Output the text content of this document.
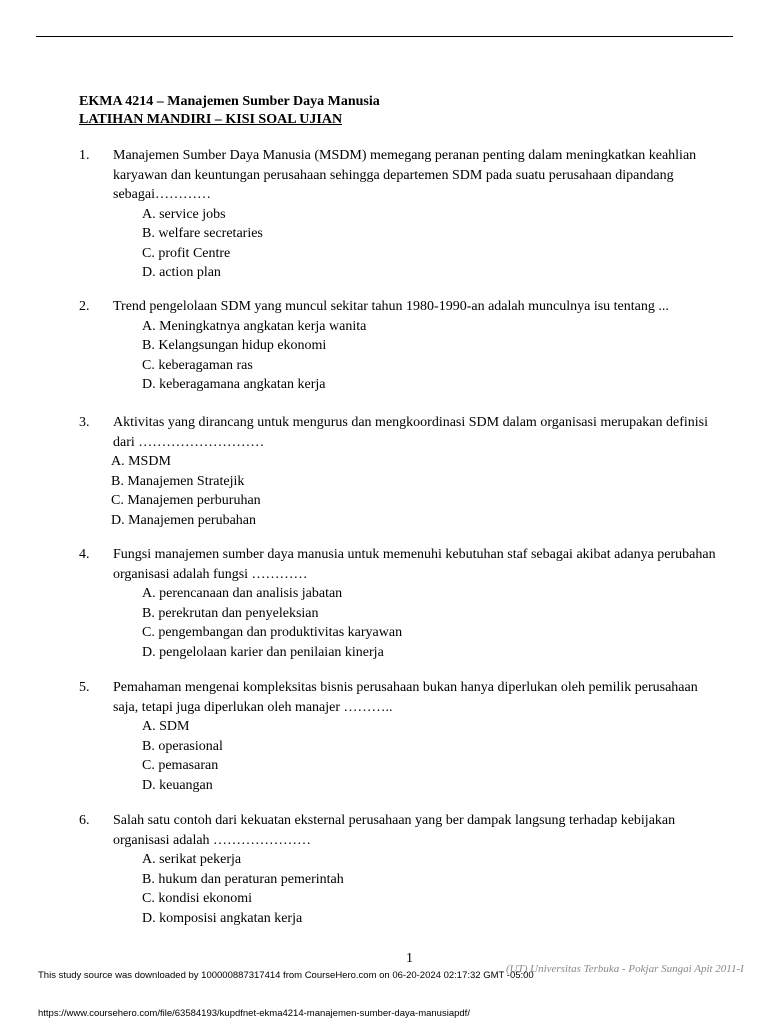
EKMA 4214 – Manajemen Sumber Daya Manusia
LATIHAN MANDIRI – KISI SOAL UJIAN
1. Manajemen Sumber Daya Manusia (MSDM) memegang peranan penting dalam meningkatkan keahlian karyawan dan keuntungan perusahaan sehingga departemen SDM pada suatu perusahaan dipandang sebagai…………
A. service jobs
B. welfare secretaries
C. profit Centre
D. action plan
2. Trend pengelolaan SDM yang muncul sekitar tahun 1980-1990-an adalah munculnya isu tentang ...
A. Meningkatnya angkatan kerja wanita
B. Kelangsungan hidup ekonomi
C. keberagaman ras
D. keberagamana angkatan kerja
3. Aktivitas yang dirancang untuk mengurus dan mengkoordinasi SDM dalam organisasi merupakan definisi dari ………………………
A. MSDM
B. Manajemen Stratejik
C. Manajemen perburuhan
D. Manajemen perubahan
4. Fungsi manajemen sumber daya manusia untuk memenuhi kebutuhan staf sebagai akibat adanya perubahan organisasi adalah fungsi …………
A. perencanaan dan analisis jabatan
B. perekrutan dan penyeleksian
C. pengembangan dan produktivitas karyawan
D. pengelolaan karier dan penilaian kinerja
5. Pemahaman mengenai kompleksitas bisnis perusahaan bukan hanya diperlukan oleh pemilik perusahaan saja, tetapi juga diperlukan oleh manajer ………..
A. SDM
B. operasional
C. pemasaran
D. keuangan
6. Salah satu contoh dari kekuatan eksternal perusahaan yang ber dampak langsung terhadap kebijakan organisasi adalah …………………
A. serikat pekerja
B. hukum dan peraturan pemerintah
C. kondisi ekonomi
D. komposisi angkatan kerja
1
(UT) Universitas Terbuka - Pokjar Sungai Apit 2011-I
This study source was downloaded by 100000887317414 from CourseHero.com on 06-20-2024 02:17:32 GMT -05:00
https://www.coursehero.com/file/63584193/kupdfnet-ekma4214-manajemen-sumber-daya-manusiapdf/
